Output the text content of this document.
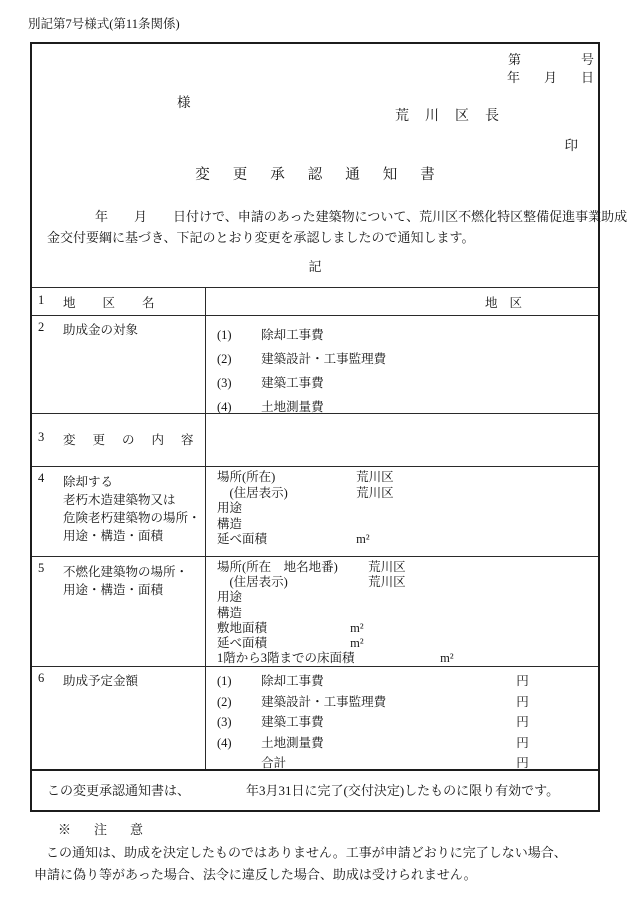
別記第7号様式(第11条関係)
第	号
年 月 日
様
荒川区長
印
変更承認通知書
年　　月　　日付けで、申請のあった建築物について、荒川区不燃化特区整備促進事業助成
金交付要綱に基づき、下記のとおり変更を承認しましたので通知します。
記
1	地区名	地区
2	助成金の対象	(1) 除却工事費
(2) 建築設計・工事監理費
(3) 建築工事費
(4) 土地測量費
3	変更の内容
4	除却する
老朽木造建築物又は
危険老朽建築物の場所・
用途・構造・面積
場所(所在)	荒川区
　(住居表示)	荒川区
用途
構造
延べ面積	m²
5	不燃化建築物の場所・
用途・構造・面積
場所(所在　地名地番) 荒川区
　(住居表示)	荒川区
用途
構造
敷地面積	m²
延べ面積	m²
1階から3階までの床面積	m²
6	助成予定金額	(1) 除却工事費	円
(2) 建築設計・工事監理費	円
(3) 建築工事費	円
(4) 土地測量費	円
合計	円
この変更承認通知書は、	年3月31日に完了(交付決定)したものに限り有効です。
※注意
この通知は、助成を決定したものではありません。工事が申請どおりに完了しない場合、
申請に偽り等があった場合、法令に違反した場合、助成は受けられません。
